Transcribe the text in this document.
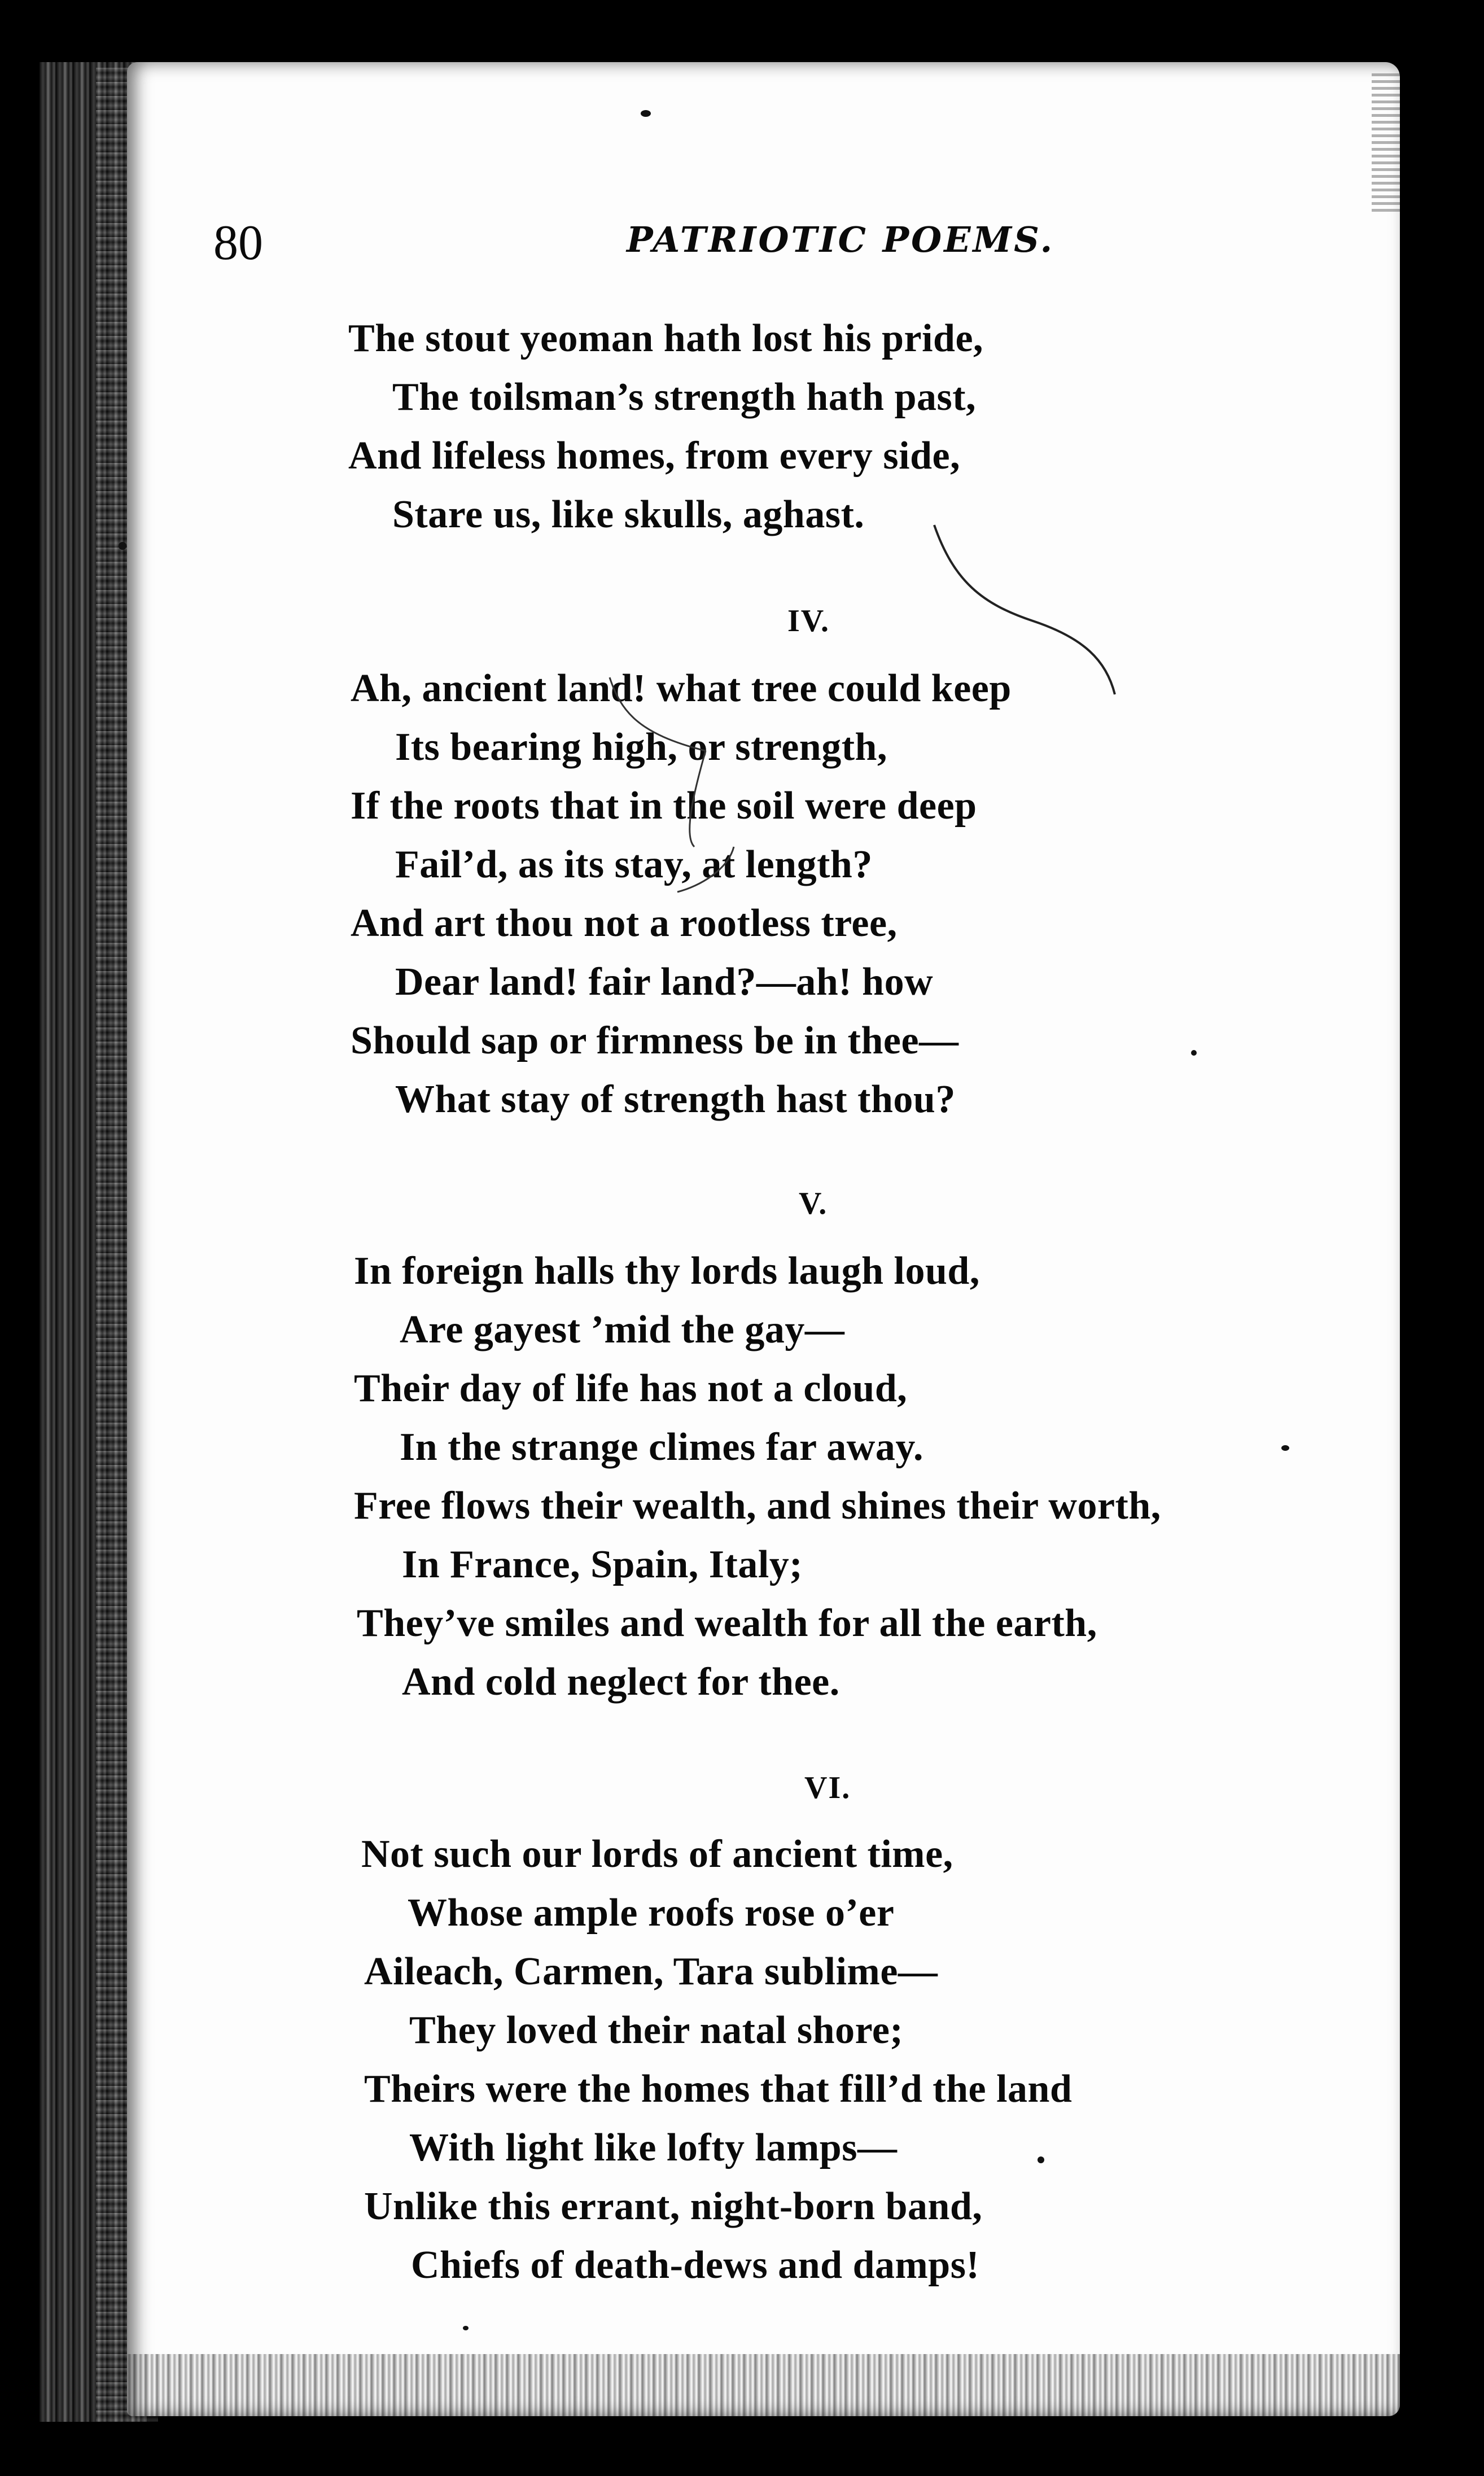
80	PATRIOTIC POEMS.
The stout yeoman hath lost his pride,
The toilsman’s strength hath past,
And lifeless homes, from every side,
Stare us, like skulls, aghast.
IV.
Ah, ancient land! what tree could keep
Its bearing high, or strength,
If the roots that in the soil were deep
Fail’d, as its stay, at length?
And art thou not a rootless tree,
Dear land! fair land?—ah! how
Should sap or firmness be in thee—
What stay of strength hast thou?
V.
In foreign halls thy lords laugh loud,
Are gayest ’mid the gay—
Their day of life has not a cloud,
In the strange climes far away.
Free flows their wealth, and shines their worth,
In France, Spain, Italy;
They’ve smiles and wealth for all the earth,
And cold neglect for thee.
VI.
Not such our lords of ancient time,
Whose ample roofs rose o’er
Aileach, Carmen, Tara sublime—
They loved their natal shore;
Theirs were the homes that fill’d the land
With light like lofty lamps—
Unlike this errant, night-born band,
Chiefs of death-dews and damps!
